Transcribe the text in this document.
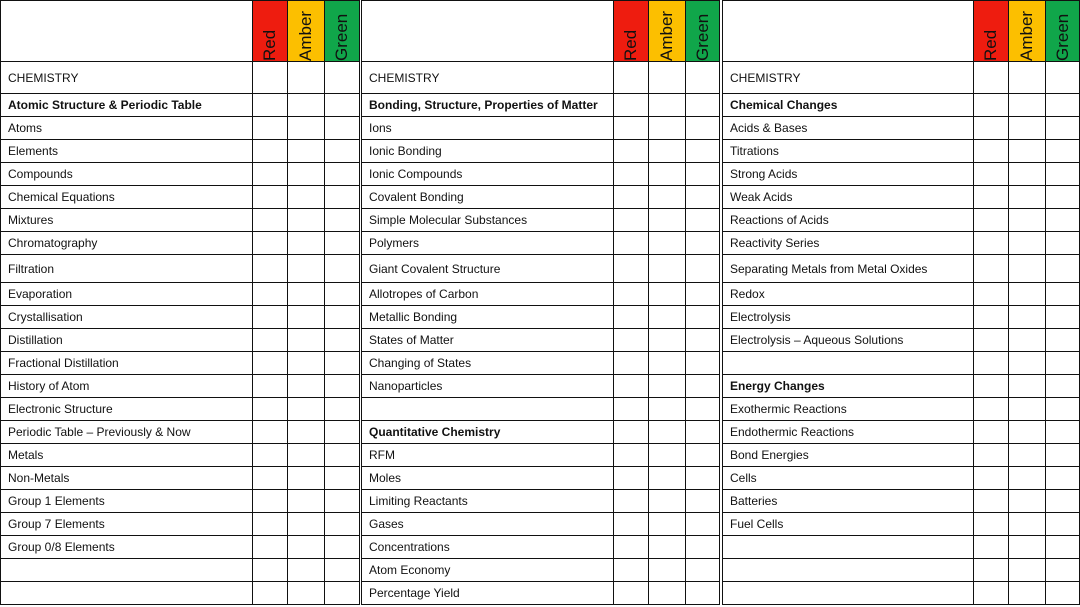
	Red	Amber	Green

CHEMISTRY			
Atomic Structure & Periodic Table			
Atoms			
Elements			
Compounds			
Chemical Equations			
Mixtures			
Chromatography			
Filtration			
Evaporation			
Crystallisation			
Distillation			
Fractional Distillation			
History of Atom			
Electronic Structure			
Periodic Table – Previously & Now			
Metals			
Non-Metals			
Group 1 Elements			
Group 7 Elements			
Group 0/8 Elements			

	Red	Amber	Green

CHEMISTRY			
Bonding, Structure, Properties of Matter			
Ions			
Ionic Bonding			
Ionic Compounds			
Covalent Bonding			
Simple Molecular Substances			
Polymers			
Giant Covalent Structure			
Allotropes of Carbon			
Metallic Bonding			
States of Matter			
Changing of States			
Nanoparticles			

Quantitative Chemistry			
RFM			
Moles			
Limiting Reactants			
Gases			
Concentrations			
Atom Economy			
Percentage Yield			

	Red	Amber	Green

CHEMISTRY			
Chemical Changes			
Acids & Bases			
Titrations			
Strong Acids			
Weak Acids			
Reactions of Acids			
Reactivity Series			
Separating Metals from Metal Oxides			
Redox			
Electrolysis			
Electrolysis – Aqueous Solutions			

Energy Changes			
Exothermic Reactions			
Endothermic Reactions			
Bond Energies			
Cells			
Batteries			
Fuel Cells			
